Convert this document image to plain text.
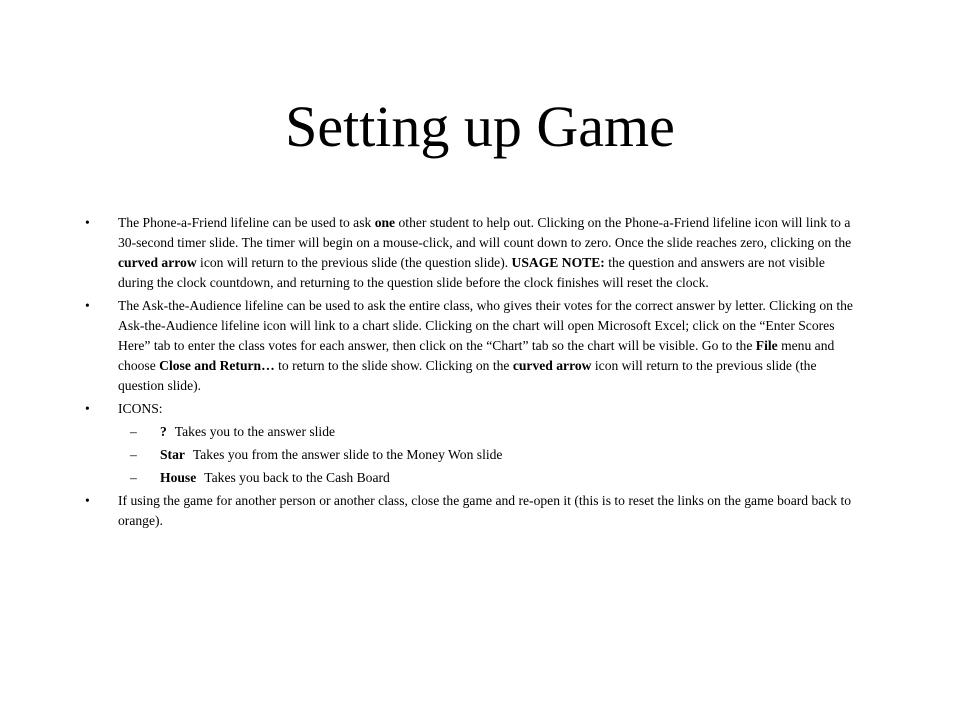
Setting up Game
•	The Phone-a-Friend lifeline can be used to ask one other student to help out. Clicking on the Phone-a-Friend lifeline icon will link to a 30-second timer slide. The timer will begin on a mouse-click, and will count down to zero. Once the slide reaches zero, clicking on the curved arrow icon will return to the previous slide (the question slide). USAGE NOTE: the question and answers are not visible during the clock countdown, and returning to the question slide before the clock finishes will reset the clock.
•	The Ask-the-Audience lifeline can be used to ask the entire class, who gives their votes for the correct answer by letter. Clicking on the Ask-the-Audience lifeline icon will link to a chart slide. Clicking on the chart will open Microsoft Excel; click on the “Enter Scores Here” tab to enter the class votes for each answer, then click on the “Chart” tab so the chart will be visible. Go to the File menu and choose Close and Return… to return to the slide show. Clicking on the curved arrow icon will return to the previous slide (the question slide).
•	ICONS:
– ? Takes you to the answer slide
– Star Takes you from the answer slide to the Money Won slide
– House Takes you back to the Cash Board
•	If using the game for another person or another class, close the game and re-open it (this is to reset the links on the game board back to orange).
